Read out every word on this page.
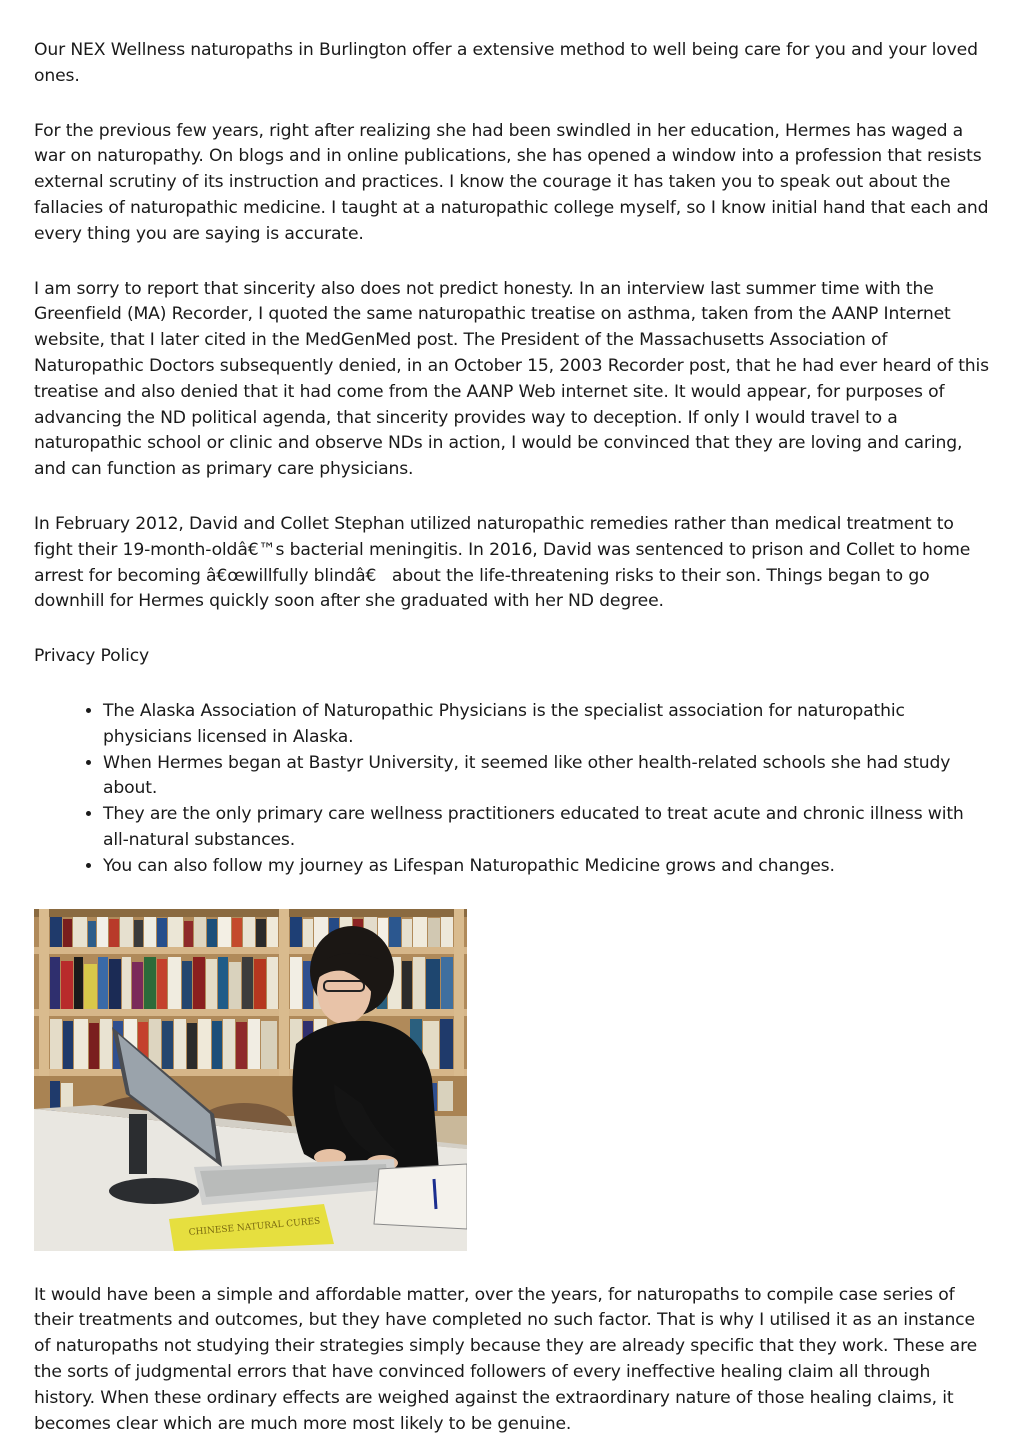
Our NEX Wellness naturopaths in Burlington offer a extensive method to well being care for you and your loved ones.

For the previous few years, right after realizing she had been swindled in her education, Hermes has waged a war on naturopathy. On blogs and in online publications, she has opened a window into a profession that resists external scrutiny of its instruction and practices. I know the courage it has taken you to speak out about the fallacies of naturopathic medicine. I taught at a naturopathic college myself, so I know initial hand that each and every thing you are saying is accurate.

I am sorry to report that sincerity also does not predict honesty. In an interview last summer time with the Greenfield (MA) Recorder, I quoted the same naturopathic treatise on asthma, taken from the AANP Internet website, that I later cited in the MedGenMed post. The President of the Massachusetts Association of Naturopathic Doctors subsequently denied, in an October 15, 2003 Recorder post, that he had ever heard of this treatise and also denied that it had come from the AANP Web internet site. It would appear, for purposes of advancing the ND political agenda, that sincerity provides way to deception. If only I would travel to a naturopathic school or clinic and observe NDs in action, I would be convinced that they are loving and caring, and can function as primary care physicians.

In February 2012, David and Collet Stephan utilized naturopathic remedies rather than medical treatment to fight their 19-month-oldâ€™s bacterial meningitis. In 2016, David was sentenced to prison and Collet to home arrest for becoming â€œwillfully blindâ€ about the life-threatening risks to their son. Things began to go downhill for Hermes quickly soon after she graduated with her ND degree.

Privacy Policy

• The Alaska Association of Naturopathic Physicians is the specialist association for naturopathic physicians licensed in Alaska.
• When Hermes began at Bastyr University, it seemed like other health-related schools she had study about.
• They are the only primary care wellness practitioners educated to treat acute and chronic illness with all-natural substances.
• You can also follow my journey as Lifespan Naturopathic Medicine grows and changes.
CHINESE NATURAL CURES

It would have been a simple and affordable matter, over the years, for naturopaths to compile case series of their treatments and outcomes, but they have completed no such factor. That is why I utilised it as an instance of naturopaths not studying their strategies simply because they are already specific that they work. These are the sorts of judgmental errors that have convinced followers of every ineffective healing claim all through history. When these ordinary effects are weighed against the extraordinary nature of those healing claims, it becomes clear which are much more most likely to be genuine.
